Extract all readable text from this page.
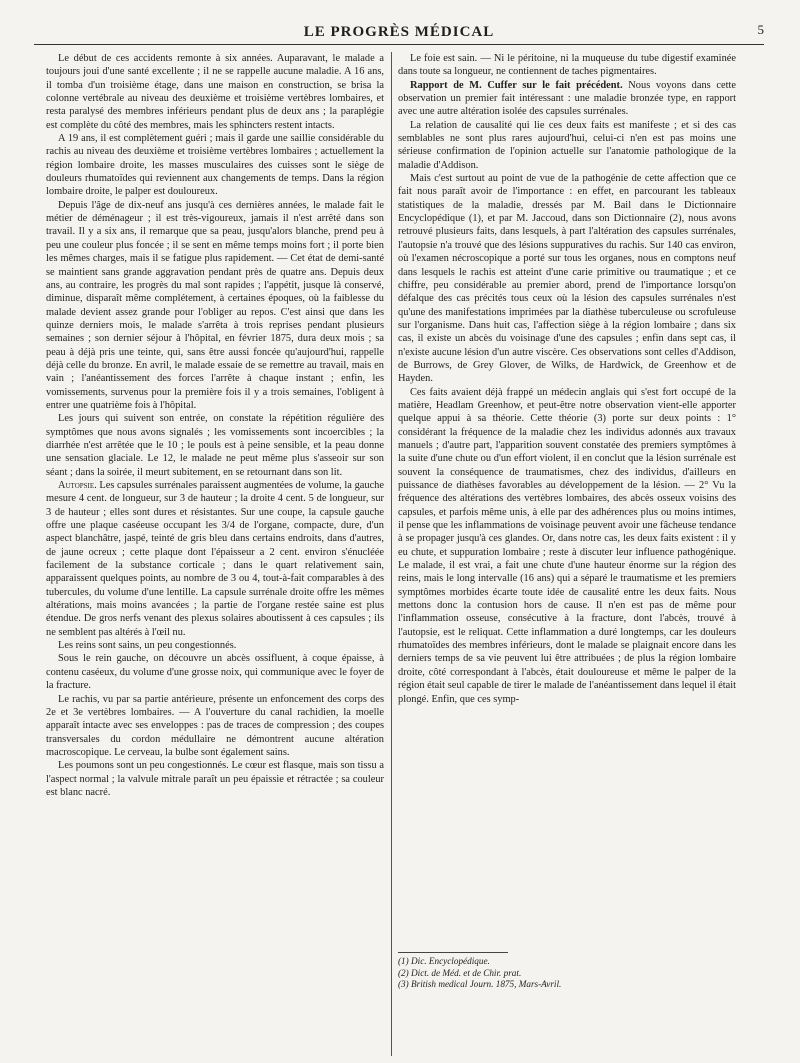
LE PROGRÈS MÉDICAL	5

Le début de ces accidents remonte à six années. Auparavant, le malade a toujours joui d'une santé excellente ; il ne se rappelle aucune maladie. A 16 ans, il tomba d'un troisième étage, dans une maison en construction, se brisa la colonne vertébrale au niveau des deuxième et troisième vertèbres lombaires, et resta paralysé des membres inférieurs pendant plus de deux ans ; la paraplégie est complète du côté des membres, mais les sphincters restent intacts.

A 19 ans, il est complètement guéri ; mais il garde une saillie considérable du rachis au niveau des deuxième et troisième vertèbres lombaires ; actuellement la région lombaire droite, les masses musculaires des cuisses sont le siège de douleurs rhumatoïdes qui reviennent aux changements de temps. Dans la région lombaire droite, le palper est douloureux.

Depuis l'âge de dix-neuf ans jusqu'à ces dernières années, le malade fait le métier de déménageur ; il est très-vigoureux, jamais il n'est arrêté dans son travail. Il y a six ans, il remarque que sa peau, jusqu'alors blanche, prend peu à peu une couleur plus foncée ; il se sent en même temps moins fort ; il porte bien les mêmes charges, mais il se fatigue plus rapidement. — Cet état de demi-santé se maintient sans grande aggravation pendant près de quatre ans. Depuis deux ans, au contraire, les progrès du mal sont rapides ; l'appétit, jusque là conservé, diminue, disparaît même complétement, à certaines époques, où la faiblesse du malade devient assez grande pour l'obliger au repos. C'est ainsi que dans les quinze derniers mois, le malade s'arrêta à trois reprises pendant plusieurs semaines ; son dernier séjour à l'hôpital, en février 1875, dura deux mois ; sa peau à déjà pris une teinte, qui, sans être aussi foncée qu'aujourd'hui, rappelle déjà celle du bronze. En avril, le malade essaie de se remettre au travail, mais en vain ; l'anéantissement des forces l'arrête à chaque instant ; enfin, les vomissements, survenus pour la première fois il y a trois semaines, l'obligent à entrer une quatrième fois à l'hôpital.

Les jours qui suivent son entrée, on constate la répétition régulière des symptômes que nous avons signalés ; les vomissements sont incoercibles ; la diarrhée n'est arrêtée que le 10 ; le pouls est à peine sensible, et la peau donne une sensation glaciale. Le 12, le malade ne peut même plus s'asseoir sur son séant ; dans la soirée, il meurt subitement, en se retournant dans son lit.

Autopsie. Les capsules surrénales paraissent augmentées de volume, la gauche mesure 4 cent. de longueur, sur 3 de hauteur ; la droite 4 cent. 5 de longueur, sur 3 de hauteur ; elles sont dures et résistantes. Sur une coupe, la capsule gauche offre une plaque caséeuse occupant les 3/4 de l'organe, compacte, dure, d'un aspect blanchâtre, jaspé, teinté de gris bleu dans certains endroits, dans d'autres, de jaune ocreux ; cette plaque dont l'épaisseur a 2 cent. environ s'énucléée facilement de la substance corticale ; dans le quart relativement sain, apparaissent quelques points, au nombre de 3 ou 4, tout-à-fait comparables à des tubercules, du volume d'une lentille. La capsule surrénale droite offre les mêmes altérations, mais moins avancées ; la partie de l'organe restée saine est plus étendue. De gros nerfs venant des plexus solaires aboutissent à ces capsules ; ils ne semblent pas altérés à l'œil nu.

Les reins sont sains, un peu congestionnés.

Sous le rein gauche, on découvre un abcès ossifluent, à coque épaisse, à contenu caséeux, du volume d'une grosse noix, qui communique avec le foyer de la fracture.

Le rachis, vu par sa partie antérieure, présente un enfoncement des corps des 2e et 3e vertèbres lombaires. — A l'ouverture du canal rachidien, la moelle apparaît intacte avec ses enveloppes : pas de traces de compression ; des coupes transversales du cordon médullaire ne démontrent aucune altération macroscopique. Le cerveau, la bulbe sont également sains.

Les poumons sont un peu congestionnés. Le cœur est flasque, mais son tissu a l'aspect normal ; la valvule mitrale paraît un peu épaissie et rétractée ; sa couleur est blanc nacré.

Le foie est sain. — Ni le péritoine, ni la muqueuse du tube digestif examinée dans toute sa longueur, ne contiennent de taches pigmentaires.

Rapport de M. Cuffer sur le fait précédent. Nous voyons dans cette observation un premier fait intéressant : une maladie bronzée type, en rapport avec une autre altération isolée des capsules surrénales.

La relation de causalité qui lie ces deux faits est manifeste ; et si des cas semblables ne sont plus rares aujourd'hui, celui-ci n'en est pas moins une sérieuse confirmation de l'opinion actuelle sur l'anatomie pathologique de la maladie d'Addison.

Mais c'est surtout au point de vue de la pathogénie de cette affection que ce fait nous paraît avoir de l'importance : en effet, en parcourant les tableaux statistiques de la maladie, dressés par M. Bail dans le Dictionnaire Encyclopédique (1), et par M. Jaccoud, dans son Dictionnaire (2), nous avons retrouvé plusieurs faits, dans lesquels, à part l'altération des capsules surrénales, l'autopsie n'a trouvé que des lésions suppuratives du rachis. Sur 140 cas environ, où l'examen nécroscopique a porté sur tous les organes, nous en comptons neuf dans lesquels le rachis est atteint d'une carie primitive ou traumatique ; et ce chiffre, peu considérable au premier abord, prend de l'importance lorsqu'on défalque des cas précités tous ceux où la lésion des capsules surrénales n'est qu'une des manifestations imprimées par la diathèse tuberculeuse ou scrofuleuse sur l'organisme. Dans huit cas, l'affection siège à la région lombaire ; dans six cas, il existe un abcès du voisinage d'une des capsules ; enfin dans sept cas, il n'existe aucune lésion d'un autre viscère. Ces observations sont celles d'Addison, de Burrows, de Grey Glover, de Wilks, de Hardwick, de Greenhow et de Hayden.

Ces faits avaient déjà frappé un médecin anglais qui s'est fort occupé de la matière, Headlam Greenhow, et peut-être notre observation vient-elle apporter quelque appui à sa théorie. Cette théorie (3) porte sur deux points : 1° considérant la fréquence de la maladie chez les individus adonnés aux travaux manuels ; d'autre part, l'apparition souvent constatée des premiers symptômes à la suite d'une chute ou d'un effort violent, il en conclut que la lésion surrénale est souvent la conséquence de traumatismes, chez des individus, d'ailleurs en puissance de diathèses favorables au développement de la lésion. — 2° Vu la fréquence des altérations des vertèbres lombaires, des abcès osseux voisins des capsules, et parfois même unis, à elle par des adhérences plus ou moins intimes, il pense que les inflammations de voisinage peuvent avoir une fâcheuse tendance à se propager jusqu'à ces glandes. Or, dans notre cas, les deux faits existent : il y eu chute, et suppuration lombaire ; reste à discuter leur influence pathogénique. Le malade, il est vrai, a fait une chute d'une hauteur énorme sur la région des reins, mais le long intervalle (16 ans) qui a séparé le traumatisme et les premiers symptômes morbides écarte toute idée de causalité entre les deux faits. Nous mettons donc la contusion hors de cause. Il n'en est pas de même pour l'inflammation osseuse, consécutive à la fracture, dont l'abcès, trouvé à l'autopsie, est le reliquat. Cette inflammation a duré longtemps, car les douleurs rhumatoïdes des membres inférieurs, dont le malade se plaignait encore dans les derniers temps de sa vie peuvent lui être attribuées ; de plus la région lombaire droite, côté correspondant à l'abcès, était douloureuse et même le palper de la région était seul capable de tirer le malade de l'anéantissement dans lequel il était plongé. Enfin, que ces symp-

(1) Dic. Encyclopédique.
(2) Dict. de Méd. et de Chir. prat.
(3) British medical Journ. 1875, Mars-Avril.
